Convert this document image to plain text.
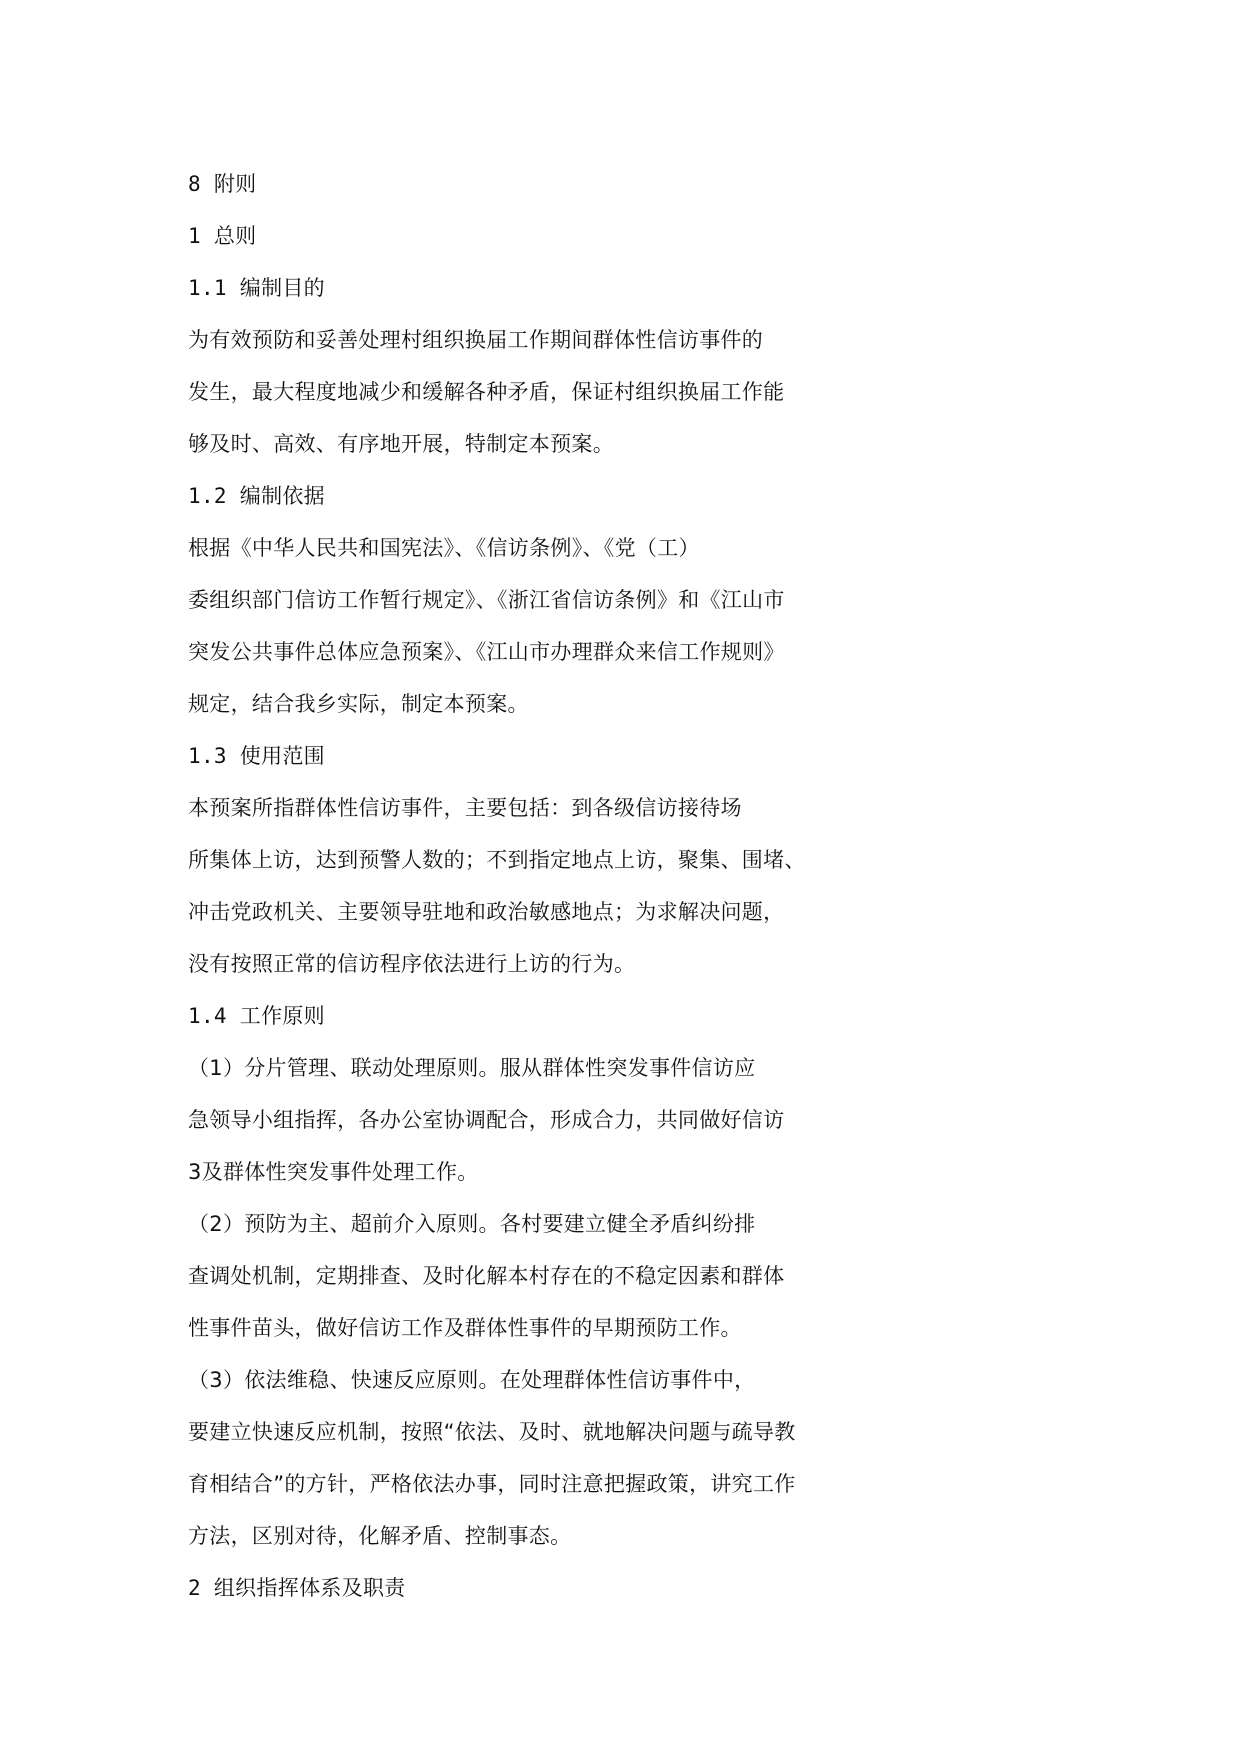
8 附则
1 总则
1.1 编制目的
为有效预防和妥善处理村组织换届工作期间群体性信访事件的
发生，最大程度地减少和缓解各种矛盾，保证村组织换届工作能
够及时、高效、有序地开展，特制定本预案。
1.2 编制依据
根据《中华人民共和国宪法》、《信访条例》、《党（工）
委组织部门信访工作暂行规定》、《浙江省信访条例》和《江山市
突发公共事件总体应急预案》、《江山市办理群众来信工作规则》
规定，结合我乡实际，制定本预案。
1.3 使用范围
本预案所指群体性信访事件，主要包括：到各级信访接待场
所集体上访，达到预警人数的；不到指定地点上访，聚集、围堵、
冲击党政机关、主要领导驻地和政治敏感地点；为求解决问题，
没有按照正常的信访程序依法进行上访的行为。
1.4 工作原则
（1）分片管理、联动处理原则。服从群体性突发事件信访应
急领导小组指挥，各办公室协调配合，形成合力，共同做好信访
3及群体性突发事件处理工作。
（2）预防为主、超前介入原则。各村要建立健全矛盾纠纷排
查调处机制，定期排查、及时化解本村存在的不稳定因素和群体
性事件苗头，做好信访工作及群体性事件的早期预防工作。
（3）依法维稳、快速反应原则。在处理群体性信访事件中，
要建立快速反应机制，按照“依法、及时、就地解决问题与疏导教
育相结合”的方针，严格依法办事，同时注意把握政策，讲究工作
方法，区别对待，化解矛盾、控制事态。
2 组织指挥体系及职责
